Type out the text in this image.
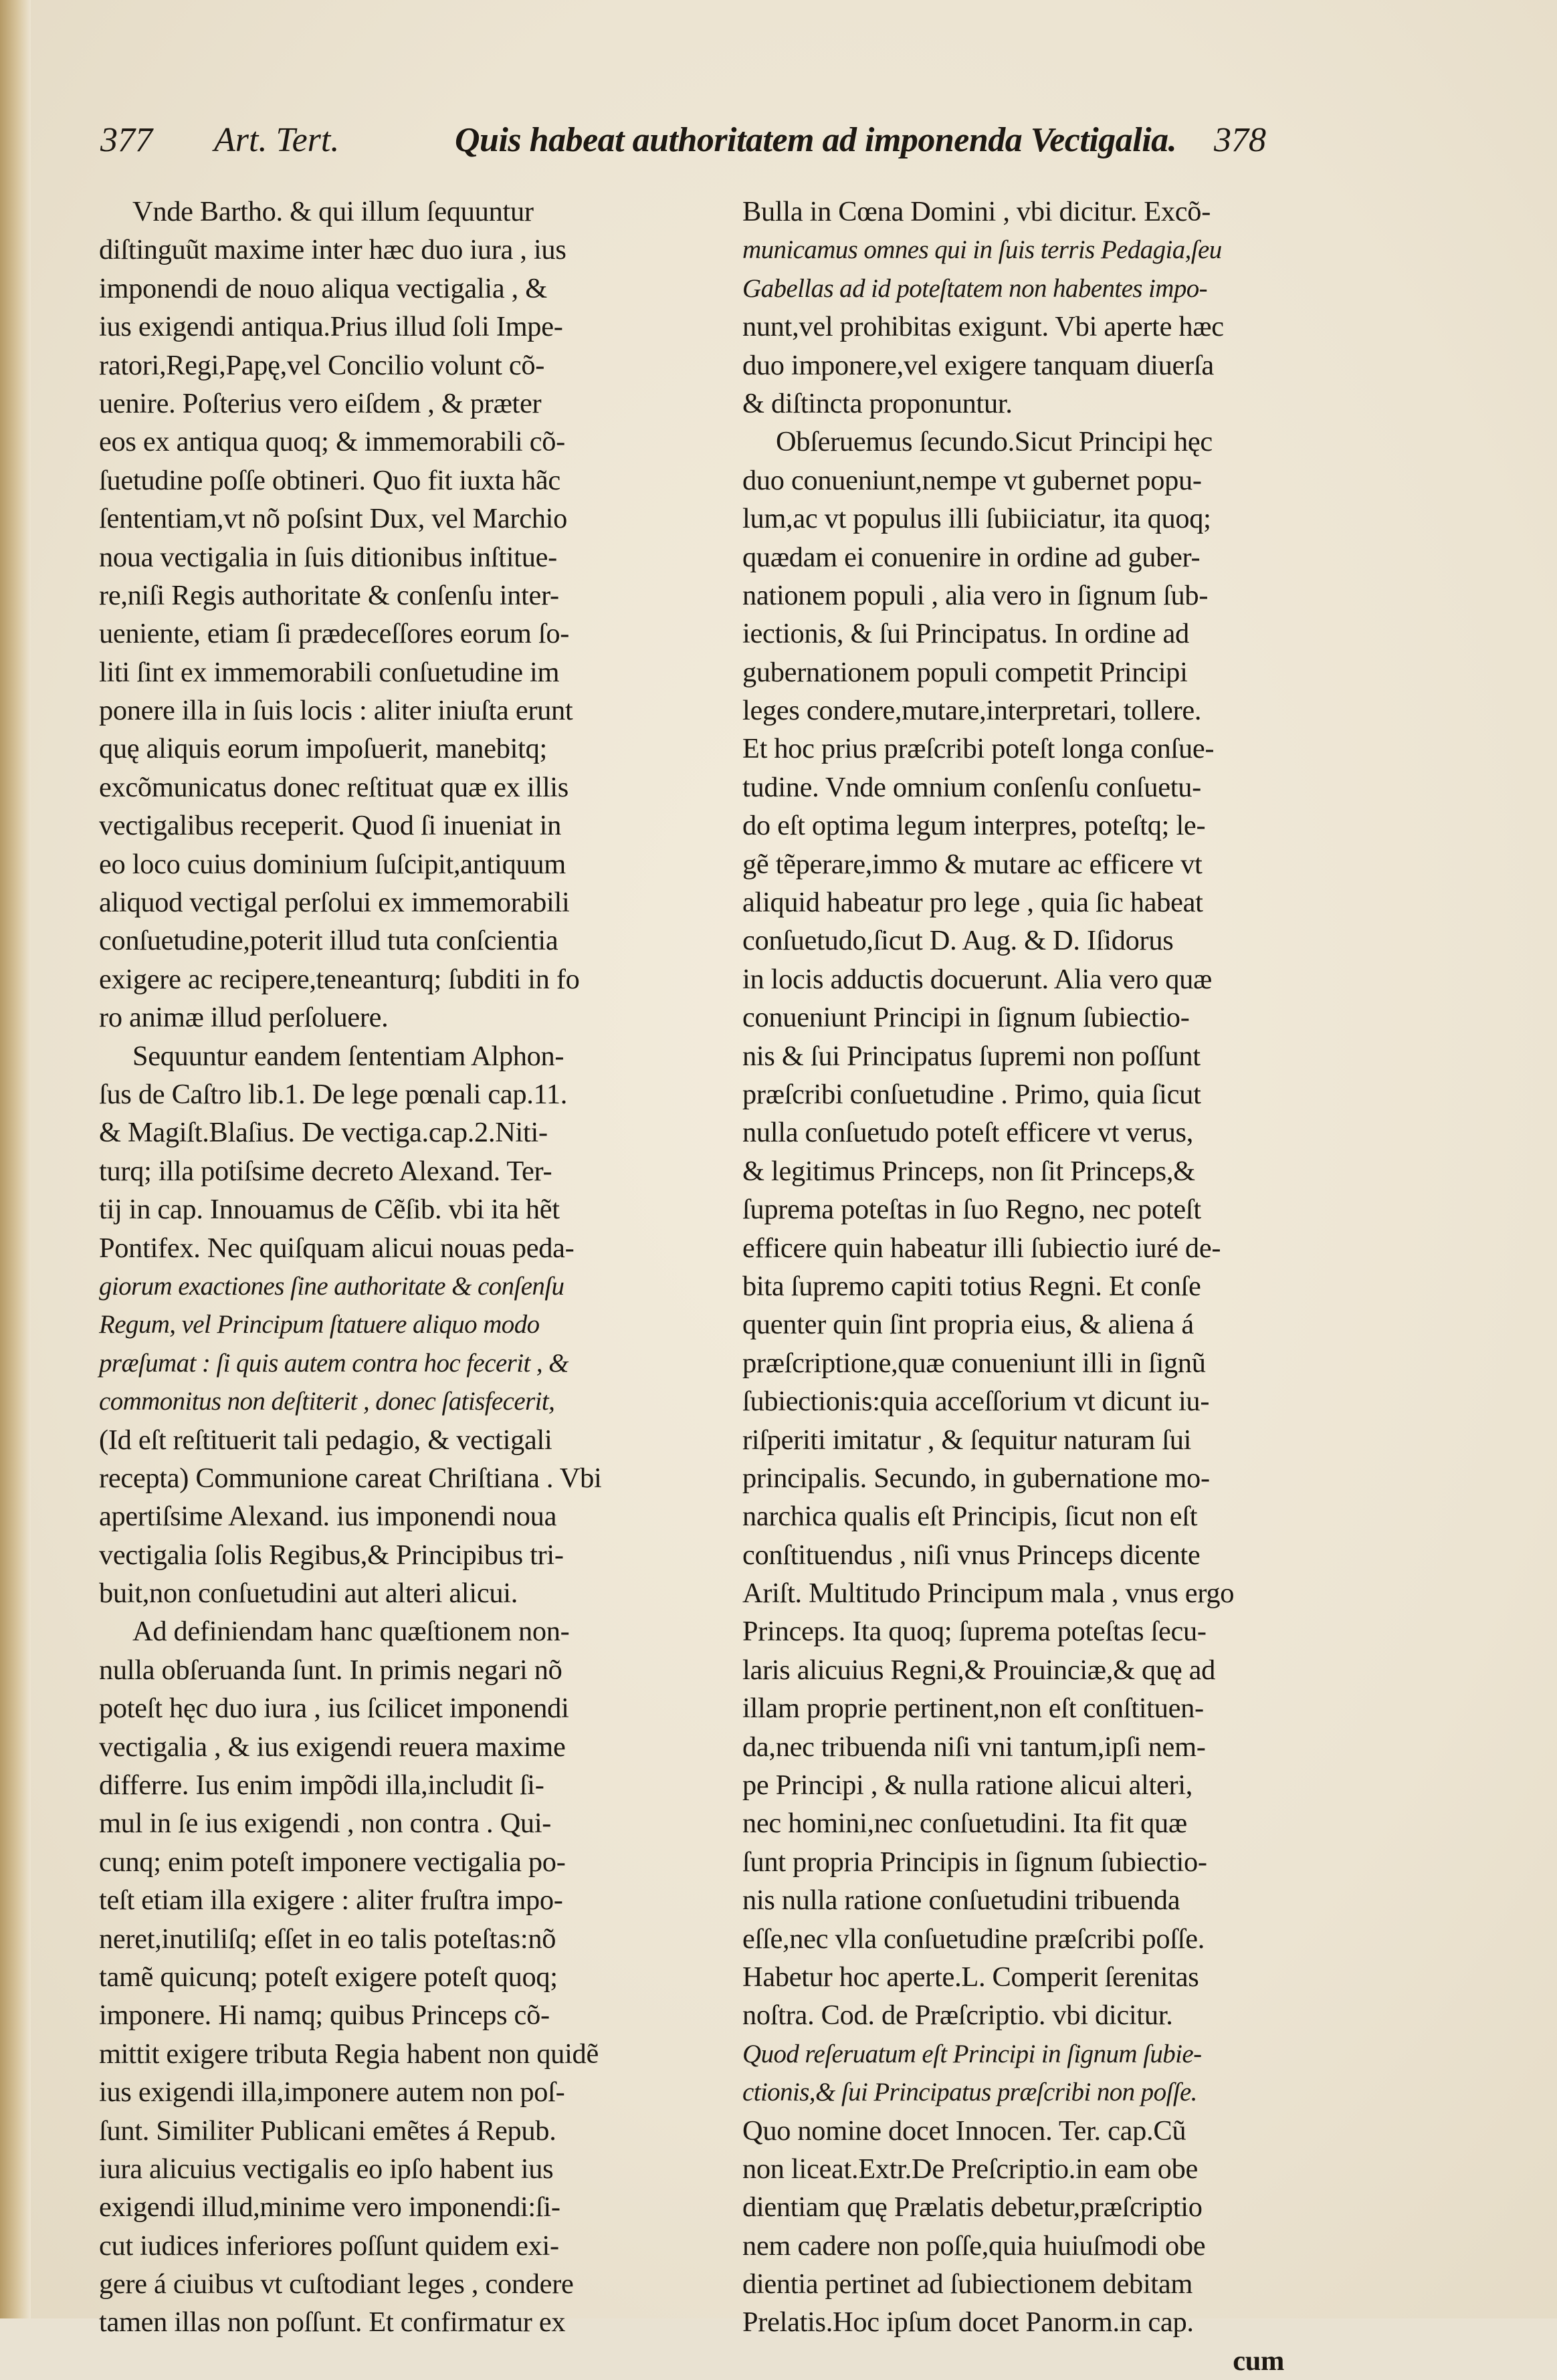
377 Art. Tert.	Quis habeat authoritatem ad imponenda Vectigalia. 378
Vnde Bartho. & qui illum ſequuntur
diſtinguũt maxime inter hæc duo iura , ius
imponendi de nouo aliqua vectigalia , &
ius exigendi antiqua.Prius illud ſoli Impe-
ratori,Regi,Papę,vel Concilio volunt cõ-
uenire. Poſterius vero eiſdem , & præter
eos ex antiqua quoq; & immemorabili cõ-
ſuetudine poſſe obtineri. Quo fit iuxta hãc
ſententiam,vt nõ poſsint Dux, vel Marchio
noua vectigalia in ſuis ditionibus inſtitue-
re,niſi Regis authoritate & conſenſu inter-
ueniente, etiam ſi prædeceſſores eorum ſo-
liti ſint ex immemorabili conſuetudine im
ponere illa in ſuis locis : aliter iniuſta erunt
quę aliquis eorum impoſuerit, manebitq;
excõmunicatus donec reſtituat quæ ex illis
vectigalibus receperit. Quod ſi inueniat in
eo loco cuius dominium ſuſcipit,antiquum
aliquod vectigal perſolui ex immemorabili
conſuetudine,poterit illud tuta conſcientia
exigere ac recipere,teneanturq; ſubditi in fo
ro animæ illud perſoluere.
Sequuntur eandem ſententiam Alphon-
ſus de Caſtro lib.1. De lege pœnali cap.11.
& Magiſt.Blaſius. De vectiga.cap.2.Niti-
turq; illa potiſsime decreto Alexand. Ter-
tij in cap. Innouamus de Cẽſib. vbi ita hẽt
Pontifex. Nec quiſquam alicui nouas peda-
giorum exactiones ſine authoritate & conſenſu
Regum, vel Principum ſtatuere aliquo modo
præſumat : ſi quis autem contra hoc fecerit , &
commonitus non deſtiterit , donec ſatisfecerit,
(Id eſt reſtituerit tali pedagio, & vectigali
recepta) Communione careat Chriſtiana . Vbi
apertiſsime Alexand. ius imponendi noua
vectigalia ſolis Regibus,& Principibus tri-
buit,non conſuetudini aut alteri alicui.
Ad definiendam hanc quæſtionem non-
nulla obſeruanda ſunt. In primis negari nõ
poteſt hęc duo iura , ius ſcilicet imponendi
vectigalia , & ius exigendi reuera maxime
differre. Ius enim impõdi illa,includit ſi-
mul in ſe ius exigendi , non contra . Qui-
cunq; enim poteſt imponere vectigalia po-
teſt etiam illa exigere : aliter fruſtra impo-
neret,inutiliſq; eſſet in eo talis poteſtas:nõ
tamẽ quicunq; poteſt exigere poteſt quoq;
imponere. Hi namq; quibus Princeps cõ-
mittit exigere tributa Regia habent non quidẽ
ius exigendi illa,imponere autem non poſ-
ſunt. Similiter Publicani emẽtes á Repub.
iura alicuius vectigalis eo ipſo habent ius
exigendi illud,minime vero imponendi:ſi-
cut iudices inferiores poſſunt quidem exi-
gere á ciuibus vt cuſtodiant leges , condere
tamen illas non poſſunt. Et confirmatur ex
Bulla in Cœna Domini , vbi dicitur. Excõ-
municamus omnes qui in ſuis terris Pedagia,ſeu
Gabellas ad id poteſtatem non habentes impo-
nunt,vel prohibitas exigunt. Vbi aperte hæc
duo imponere,vel exigere tanquam diuerſa
& diſtincta proponuntur.
Obſeruemus ſecundo.Sicut Principi hęc
duo conueniunt,nempe vt gubernet popu-
lum,ac vt populus illi ſubiiciatur, ita quoq;
quædam ei conuenire in ordine ad guber-
nationem populi , alia vero in ſignum ſub-
iectionis, & ſui Principatus. In ordine ad
gubernationem populi competit Principi
leges condere,mutare,interpretari, tollere.
Et hoc prius præſcribi poteſt longa conſue-
tudine. Vnde omnium conſenſu conſuetu-
do eſt optima legum interpres, poteſtq; le-
gẽ tẽperare,immo & mutare ac efficere vt
aliquid habeatur pro lege , quia ſic habeat
conſuetudo,ſicut D. Aug. & D. Iſidorus
in locis adductis docuerunt. Alia vero quæ
conueniunt Principi in ſignum ſubiectio-
nis & ſui Principatus ſupremi non poſſunt
præſcribi conſuetudine . Primo, quia ſicut
nulla conſuetudo poteſt efficere vt verus,
& legitimus Princeps, non ſit Princeps,&
ſuprema poteſtas in ſuo Regno, nec poteſt
efficere quin habeatur illi ſubiectio iuré de-
bita ſupremo capiti totius Regni. Et conſe
quenter quin ſint propria eius, & aliena á
præſcriptione,quæ conueniunt illi in ſignũ
ſubiectionis:quia acceſſorium vt dicunt iu-
riſperiti imitatur , & ſequitur naturam ſui
principalis. Secundo, in gubernatione mo-
narchica qualis eſt Principis, ſicut non eſt
conſtituendus , niſi vnus Princeps dicente
Ariſt. Multitudo Principum mala , vnus ergo
Princeps. Ita quoq; ſuprema poteſtas ſecu-
laris alicuius Regni,& Prouinciæ,& quę ad
illam proprie pertinent,non eſt conſtituen-
da,nec tribuenda niſi vni tantum,ipſi nem-
pe Principi , & nulla ratione alicui alteri,
nec homini,nec conſuetudini. Ita fit quæ
ſunt propria Principis in ſignum ſubiectio-
nis nulla ratione conſuetudini tribuenda
eſſe,nec vlla conſuetudine præſcribi poſſe.
Habetur hoc aperte.L. Comperit ſerenitas
noſtra. Cod. de Præſcriptio. vbi dicitur.
Quod reſeruatum eſt Principi in ſignum ſubie-
ctionis,& ſui Principatus præſcribi non poſſe.
Quo nomine docet Innocen. Ter. cap.Cũ
non liceat.Extr.De Preſcriptio.in eam obe
dientiam quę Prælatis debetur,præſcriptio
nem cadere non poſſe,quia huiuſmodi obe
dientia pertinet ad ſubiectionem debitam
Prelatis.Hoc ipſum docet Panorm.in cap.
cum
